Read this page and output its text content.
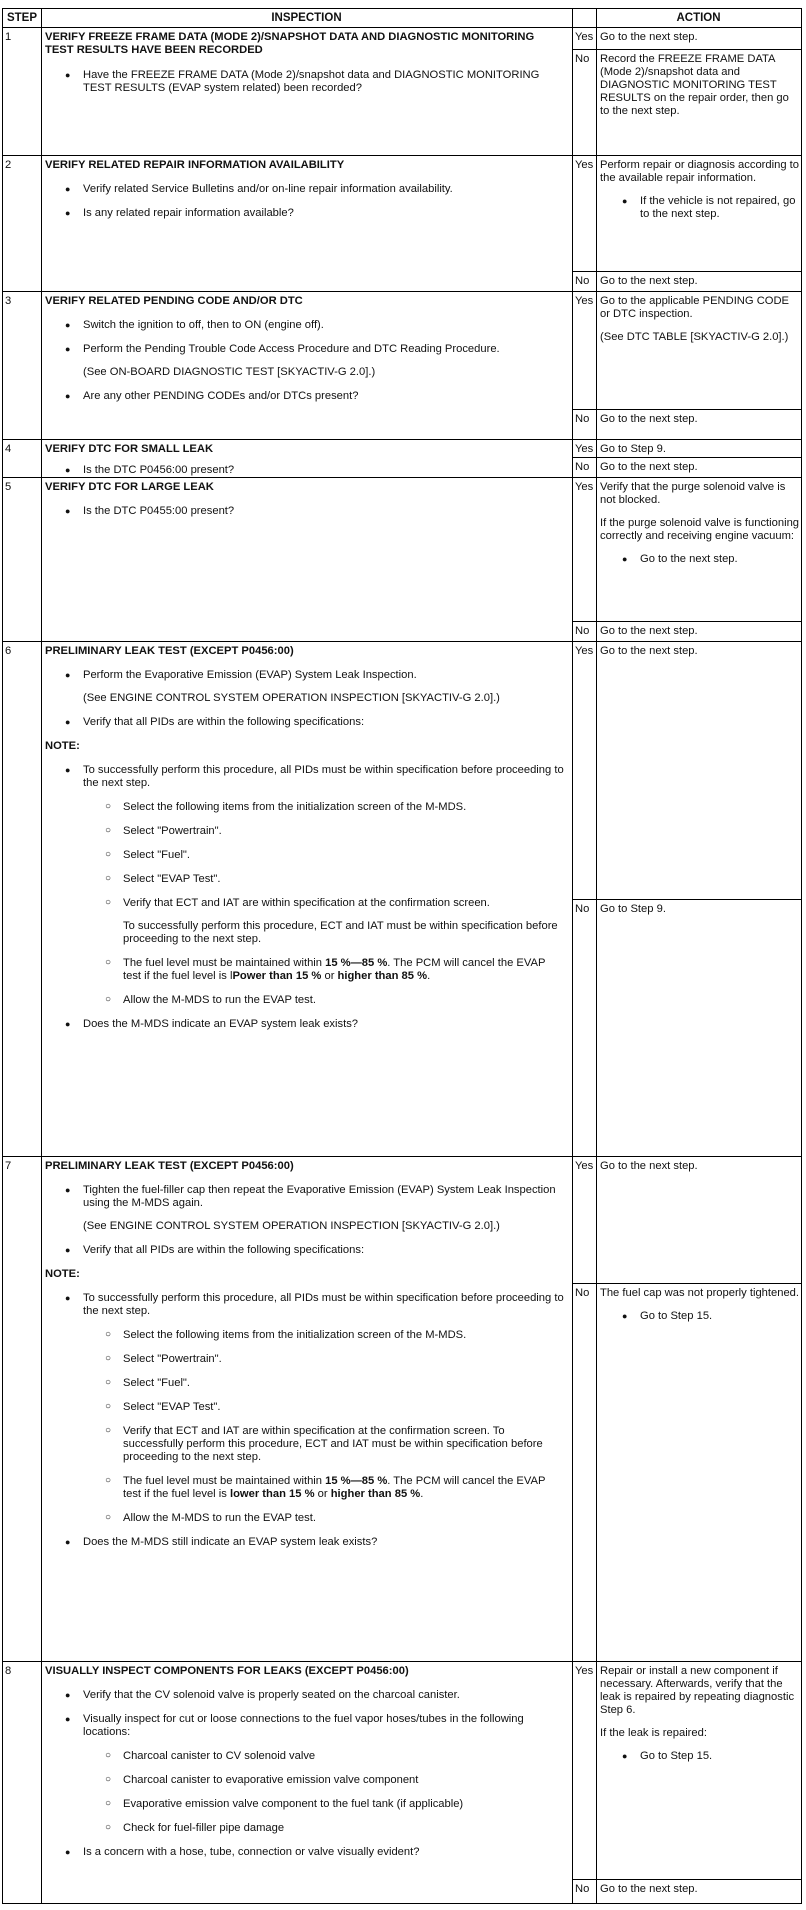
STEP	INSPECTION	ACTION
1	VERIFY FREEZE FRAME DATA (MODE 2)/SNAPSHOT DATA AND DIAGNOSTIC MONITORING TEST RESULTS HAVE BEEN RECORDED

● Have the FREEZE FRAME DATA (Mode 2)/snapshot data and DIAGNOSTIC MONITORING TEST RESULTS (EVAP system related) been recorded?

Yes Go to the next step.
No Record the FREEZE FRAME DATA (Mode 2)/snapshot data and DIAGNOSTIC MONITORING TEST RESULTS on the repair order, then go to the next step.
2	VERIFY RELATED REPAIR INFORMATION AVAILABILITY

● Verify related Service Bulletins and/or on-line repair information availability.

● Is any related repair information available?

Yes Perform repair or diagnosis according to the available repair information.

● If the vehicle is not repaired, go to the next step.

No Go to the next step.
3	VERIFY RELATED PENDING CODE AND/OR DTC

● Switch the ignition to off, then to ON (engine off).

● Perform the Pending Trouble Code Access Procedure and DTC Reading Procedure.

(See ON-BOARD DIAGNOSTIC TEST [SKYACTIV-G 2.0].)

● Are any other PENDING CODEs and/or DTCs present?

Yes Go to the applicable PENDING CODE or DTC inspection.

(See DTC TABLE [SKYACTIV-G 2.0].)

No Go to the next step.
4	VERIFY DTC FOR SMALL LEAK

● Is the DTC P0456:00 present?

Yes Go to Step 9.
No Go to the next step.
5	VERIFY DTC FOR LARGE LEAK

● Is the DTC P0455:00 present?

Yes Verify that the purge solenoid valve is not blocked.

If the purge solenoid valve is functioning correctly and receiving engine vacuum:

● Go to the next step.

No Go to the next step.
6	PRELIMINARY LEAK TEST (EXCEPT P0456:00)

● Perform the Evaporative Emission (EVAP) System Leak Inspection.

(See ENGINE CONTROL SYSTEM OPERATION INSPECTION [SKYACTIV-G 2.0].)

● Verify that all PIDs are within the following specifications:

NOTE:

● To successfully perform this procedure, all PIDs must be within specification before proceeding to the next step.

○ Select the following items from the initialization screen of the M-MDS.

○ Select "Powertrain".

○ Select "Fuel".

○ Select "EVAP Test".

○ Verify that ECT and IAT are within specification at the confirmation screen.

To successfully perform this procedure, ECT and IAT must be within specification before proceeding to the next step.

○ The fuel level must be maintained within 15 %—85 %. The PCM will cancel the EVAP test if the fuel level is lPower than 15 % or higher than 85 %.

○ Allow the M-MDS to run the EVAP test.

● Does the M-MDS indicate an EVAP system leak exists?

Yes Go to the next step.
No Go to Step 9.
7	PRELIMINARY LEAK TEST (EXCEPT P0456:00)

● Tighten the fuel-filler cap then repeat the Evaporative Emission (EVAP) System Leak Inspection using the M-MDS again.

(See ENGINE CONTROL SYSTEM OPERATION INSPECTION [SKYACTIV-G 2.0].)

● Verify that all PIDs are within the following specifications:

NOTE:

● To successfully perform this procedure, all PIDs must be within specification before proceeding to the next step.

○ Select the following items from the initialization screen of the M-MDS.

○ Select "Powertrain".

○ Select "Fuel".

○ Select "EVAP Test".

○ Verify that ECT and IAT are within specification at the confirmation screen. To successfully perform this procedure, ECT and IAT must be within specification before proceeding to the next step.

○ The fuel level must be maintained within 15 %—85 %. The PCM will cancel the EVAP test if the fuel level is lower than 15 % or higher than 85 %.

○ Allow the M-MDS to run the EVAP test.

● Does the M-MDS still indicate an EVAP system leak exists?

Yes Go to the next step.
No The fuel cap was not properly tightened.

● Go to Step 15.

8	VISUALLY INSPECT COMPONENTS FOR LEAKS (EXCEPT P0456:00)

● Verify that the CV solenoid valve is properly seated on the charcoal canister.

● Visually inspect for cut or loose connections to the fuel vapor hoses/tubes in the following locations:

○ Charcoal canister to CV solenoid valve

○ Charcoal canister to evaporative emission valve component

○ Evaporative emission valve component to the fuel tank (if applicable)

○ Check for fuel-filler pipe damage

● Is a concern with a hose, tube, connection or valve visually evident?

Yes Repair or install a new component if necessary. Afterwards, verify that the leak is repaired by repeating diagnostic Step 6.

If the leak is repaired:

● Go to Step 15.

No Go to the next step.
